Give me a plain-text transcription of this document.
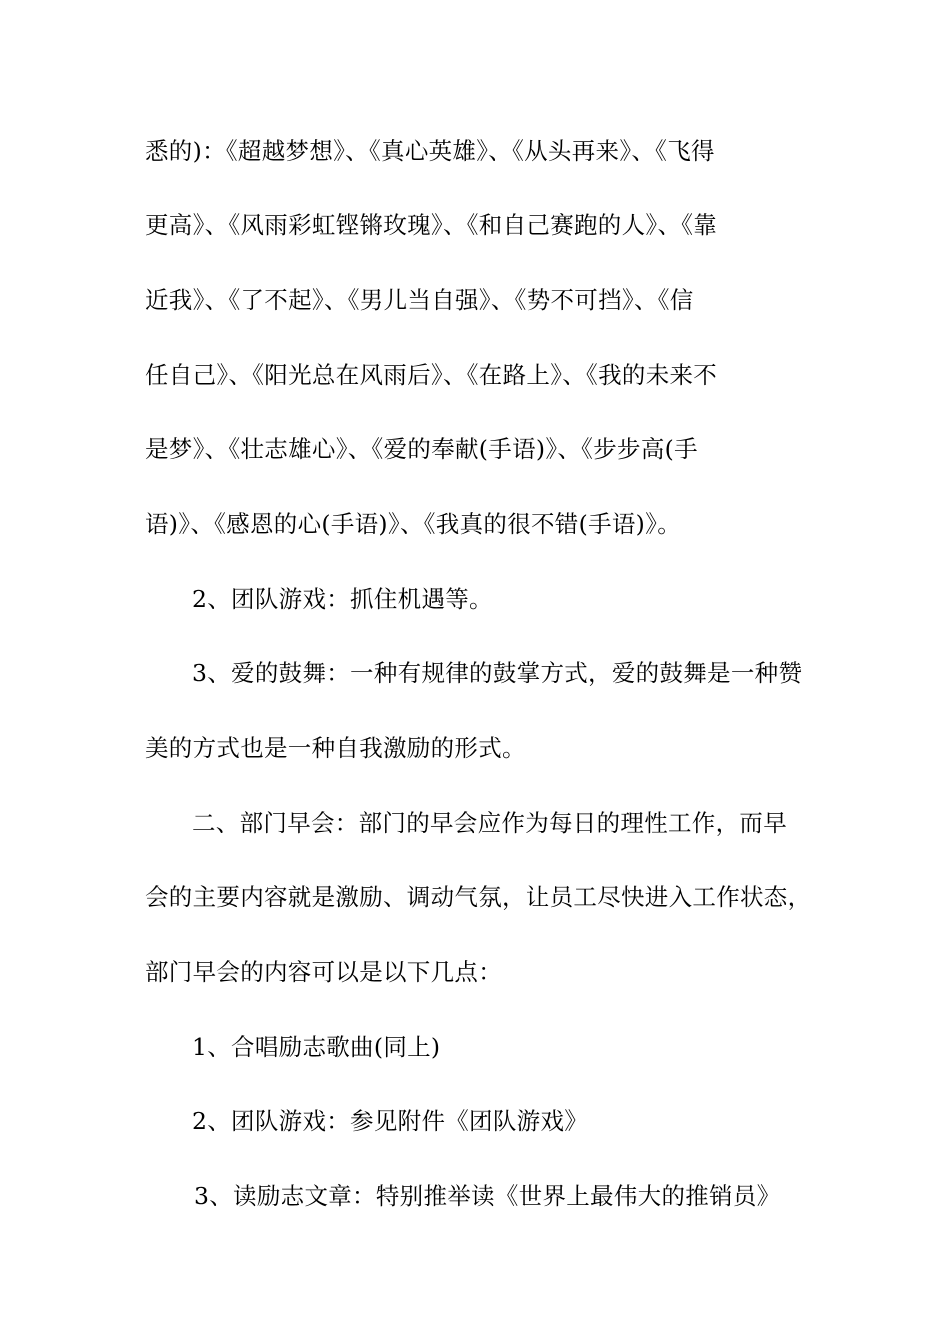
悉的)：《超越梦想》、《真心英雄》、《从头再来》、《飞得
更高》、《风雨彩虹铿锵玫瑰》、《和自己赛跑的人》、《靠
近我》、《了不起》、《男儿当自强》、《势不可挡》、《信
任自己》、《阳光总在风雨后》、《在路上》、《我的未来不
是梦》、《壮志雄心》、《爱的奉献(手语)》、《步步高(手
语)》、《感恩的心(手语)》、《我真的很不错(手语)》。
2、团队游戏：抓住机遇等。
3、爱的鼓舞：一种有规律的鼓掌方式，爱的鼓舞是一种赞
美的方式也是一种自我激励的形式。
二、部门早会：部门的早会应作为每日的理性工作，而早
会的主要内容就是激励、调动气氛，让员工尽快进入工作状态，
部门早会的内容可以是以下几点：
1、合唱励志歌曲(同上)
2、团队游戏：参见附件《团队游戏》
3、读励志文章：特别推举读《世界上最伟大的推销员》
